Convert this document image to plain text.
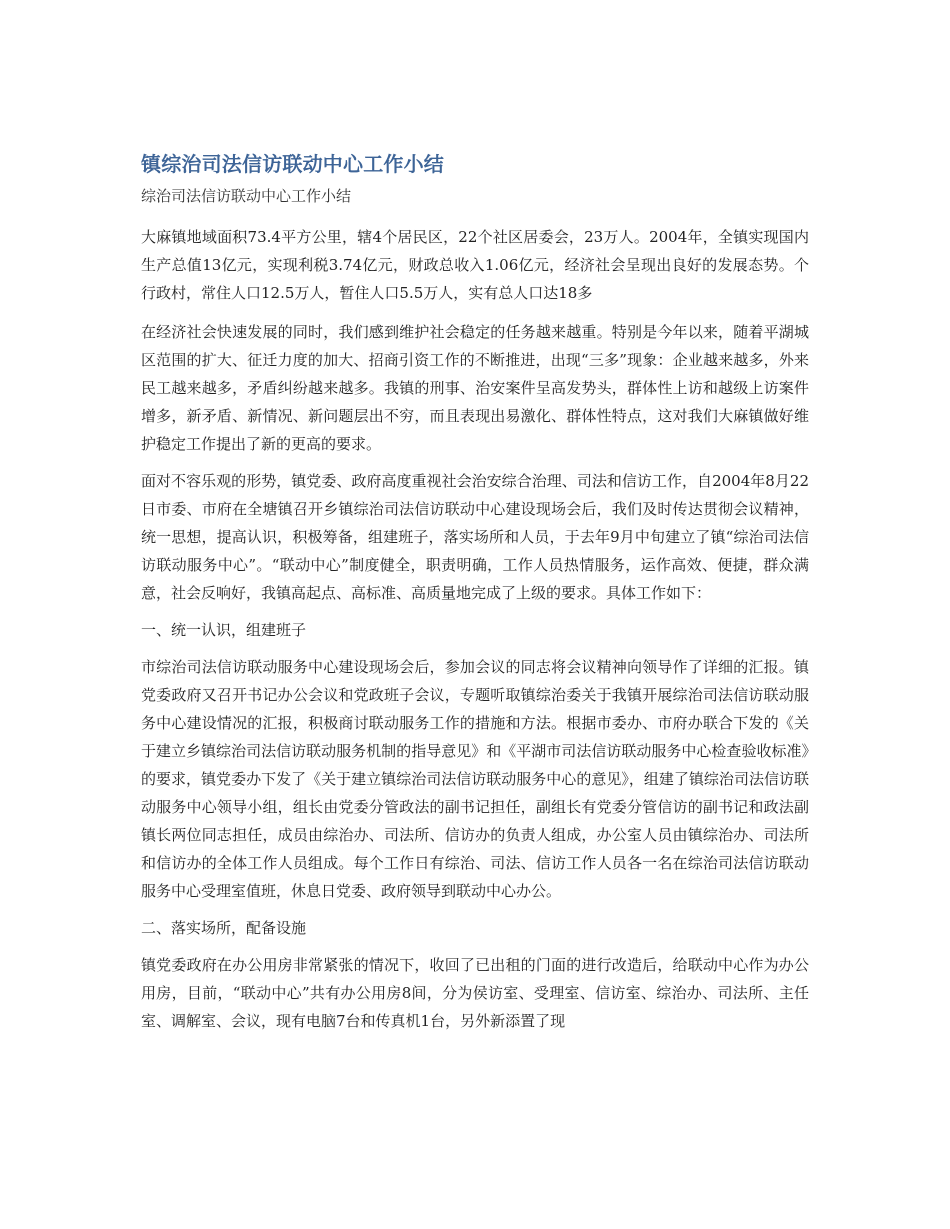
镇综治司法信访联动中心工作小结

综治司法信访联动中心工作小结

大麻镇地域面积73.4平方公里，辖4个居民区，22个社区居委会，23万人。2004年，全镇实现国内生产总值13亿元，实现利税3.74亿元，财政总收入1.06亿元，经济社会呈现出良好的发展态势。个行政村，常住人口12.5万人，暂住人口5.5万人，实有总人口达18多

在经济社会快速发展的同时，我们感到维护社会稳定的任务越来越重。特别是今年以来，随着平湖城区范围的扩大、征迁力度的加大、招商引资工作的不断推进，出现“三多”现象：企业越来越多，外来民工越来越多，矛盾纠纷越来越多。我镇的刑事、治安案件呈高发势头，群体性上访和越级上访案件增多，新矛盾、新情况、新问题层出不穷，而且表现出易激化、群体性特点，这对我们大麻镇做好维护稳定工作提出了新的更高的要求。

面对不容乐观的形势，镇党委、政府高度重视社会治安综合治理、司法和信访工作，自2004年8月22日市委、市府在全塘镇召开乡镇综治司法信访联动中心建设现场会后，我们及时传达贯彻会议精神，统一思想，提高认识，积极筹备，组建班子，落实场所和人员，于去年9月中旬建立了镇“综治司法信访联动服务中心”。“联动中心”制度健全，职责明确，工作人员热情服务，运作高效、便捷，群众满意，社会反响好，我镇高起点、高标准、高质量地完成了上级的要求。具体工作如下：

一、统一认识，组建班子

市综治司法信访联动服务中心建设现场会后，参加会议的同志将会议精神向领导作了详细的汇报。镇党委政府又召开书记办公会议和党政班子会议，专题听取镇综治委关于我镇开展综治司法信访联动服务中心建设情况的汇报，积极商讨联动服务工作的措施和方法。根据市委办、市府办联合下发的《关于建立乡镇综治司法信访联动服务机制的指导意见》和《平湖市司法信访联动服务中心检查验收标准》的要求，镇党委办下发了《关于建立镇综治司法信访联动服务中心的意见》，组建了镇综治司法信访联动服务中心领导小组，组长由党委分管政法的副书记担任，副组长有党委分管信访的副书记和政法副镇长两位同志担任，成员由综治办、司法所、信访办的负责人组成，办公室人员由镇综治办、司法所和信访办的全体工作人员组成。每个工作日有综治、司法、信访工作人员各一名在综治司法信访联动服务中心受理室值班，休息日党委、政府领导到联动中心办公。

二、落实场所，配备设施

镇党委政府在办公用房非常紧张的情况下，收回了已出租的门面的进行改造后，给联动中心作为办公用房，目前，“联动中心”共有办公用房8间，分为侯访室、受理室、信访室、综治办、司法所、主任室、调解室、会议，现有电脑7台和传真机1台，另外新添置了现
